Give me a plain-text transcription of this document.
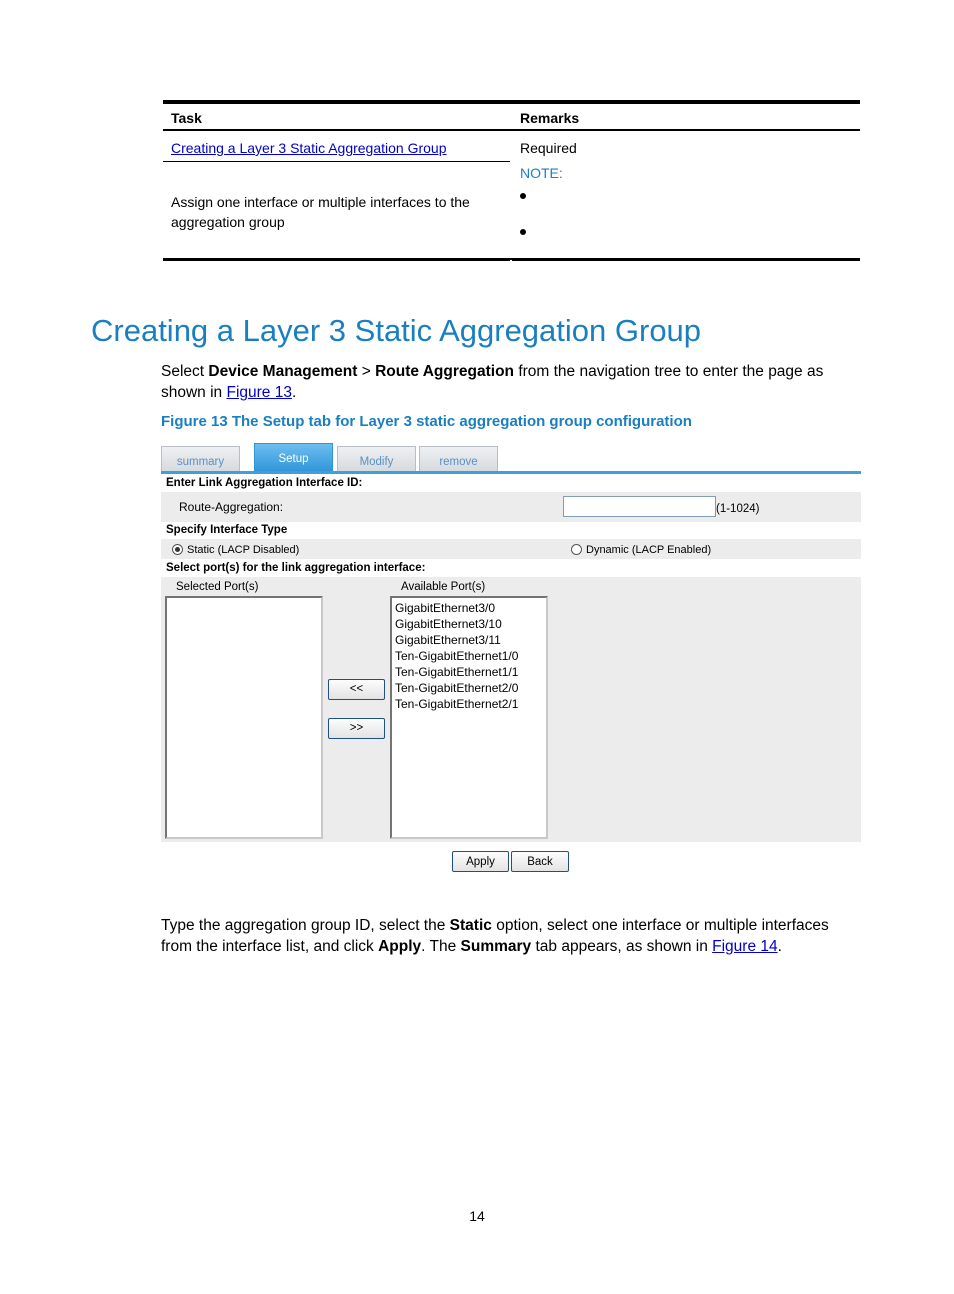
Task	Remarks
Creating a Layer 3 Static Aggregation Group	Required
Assign one interface or multiple interfaces to the aggregation group
NOTE:
Creating a Layer 3 Static Aggregation Group

Select Device Management > Route Aggregation from the navigation tree to enter the page as shown in Figure 13.

Figure 13 The Setup tab for Layer 3 static aggregation group configuration
summary	Setup	Modify	remove
Enter Link Aggregation Interface ID:
Route-Aggregation:	(1-1024)
Specify Interface Type
Static (LACP Disabled)	Dynamic (LACP Enabled)
Select port(s) for the link aggregation interface:
Selected Port(s)	Available Port(s)
<<
>>
GigabitEthernet3/0
GigabitEthernet3/10
GigabitEthernet3/11
Ten-GigabitEthernet1/0
Ten-GigabitEthernet1/1
Ten-GigabitEthernet2/0
Ten-GigabitEthernet2/1
Apply	Back

Type the aggregation group ID, select the Static option, select one interface or multiple interfaces from the interface list, and click Apply. The Summary tab appears, as shown in Figure 14.

14
